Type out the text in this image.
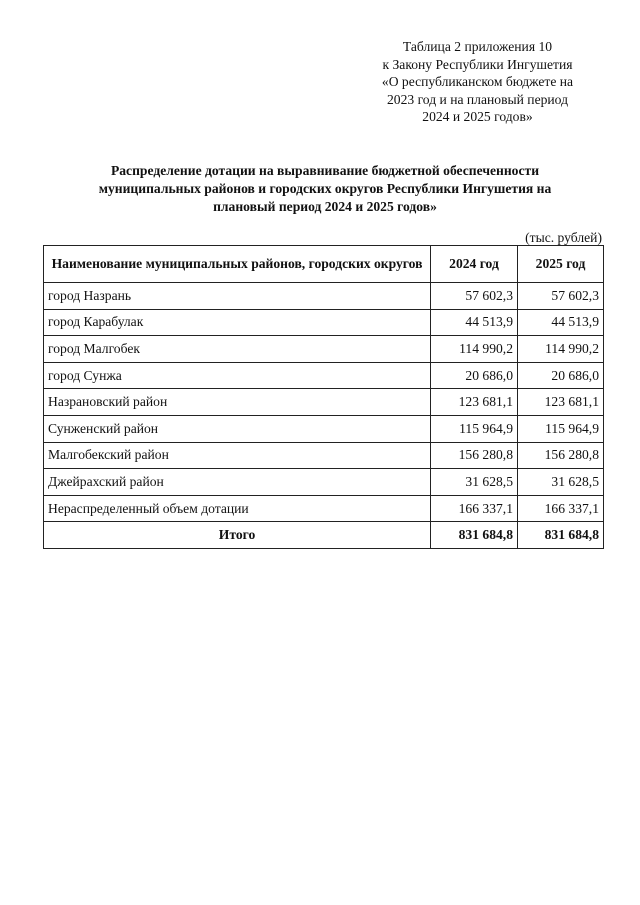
Таблица 2 приложения 10
к Закону Республики Ингушетия
«О республиканском бюджете на
2023 год и на плановый период
2024 и 2025 годов»
Распределение дотации на выравнивание бюджетной обеспеченности
муниципальных районов и городских округов Республики Ингушетия на
плановый период 2024 и 2025 годов»
(тыс. рублей)
Наименование муниципальных районов, городских округов	2024 год	2025 год
город Назрань	57 602,3	57 602,3
город Карабулак	44 513,9	44 513,9
город Малгобек	114 990,2	114 990,2
город Сунжа	20 686,0	20 686,0
Назрановский район	123 681,1	123 681,1
Сунженский район	115 964,9	115 964,9
Малгобекский район	156 280,8	156 280,8
Джейрахский район	31 628,5	31 628,5
Нераспределенный объем дотации	166 337,1	166 337,1
Итого	831 684,8	831 684,8
